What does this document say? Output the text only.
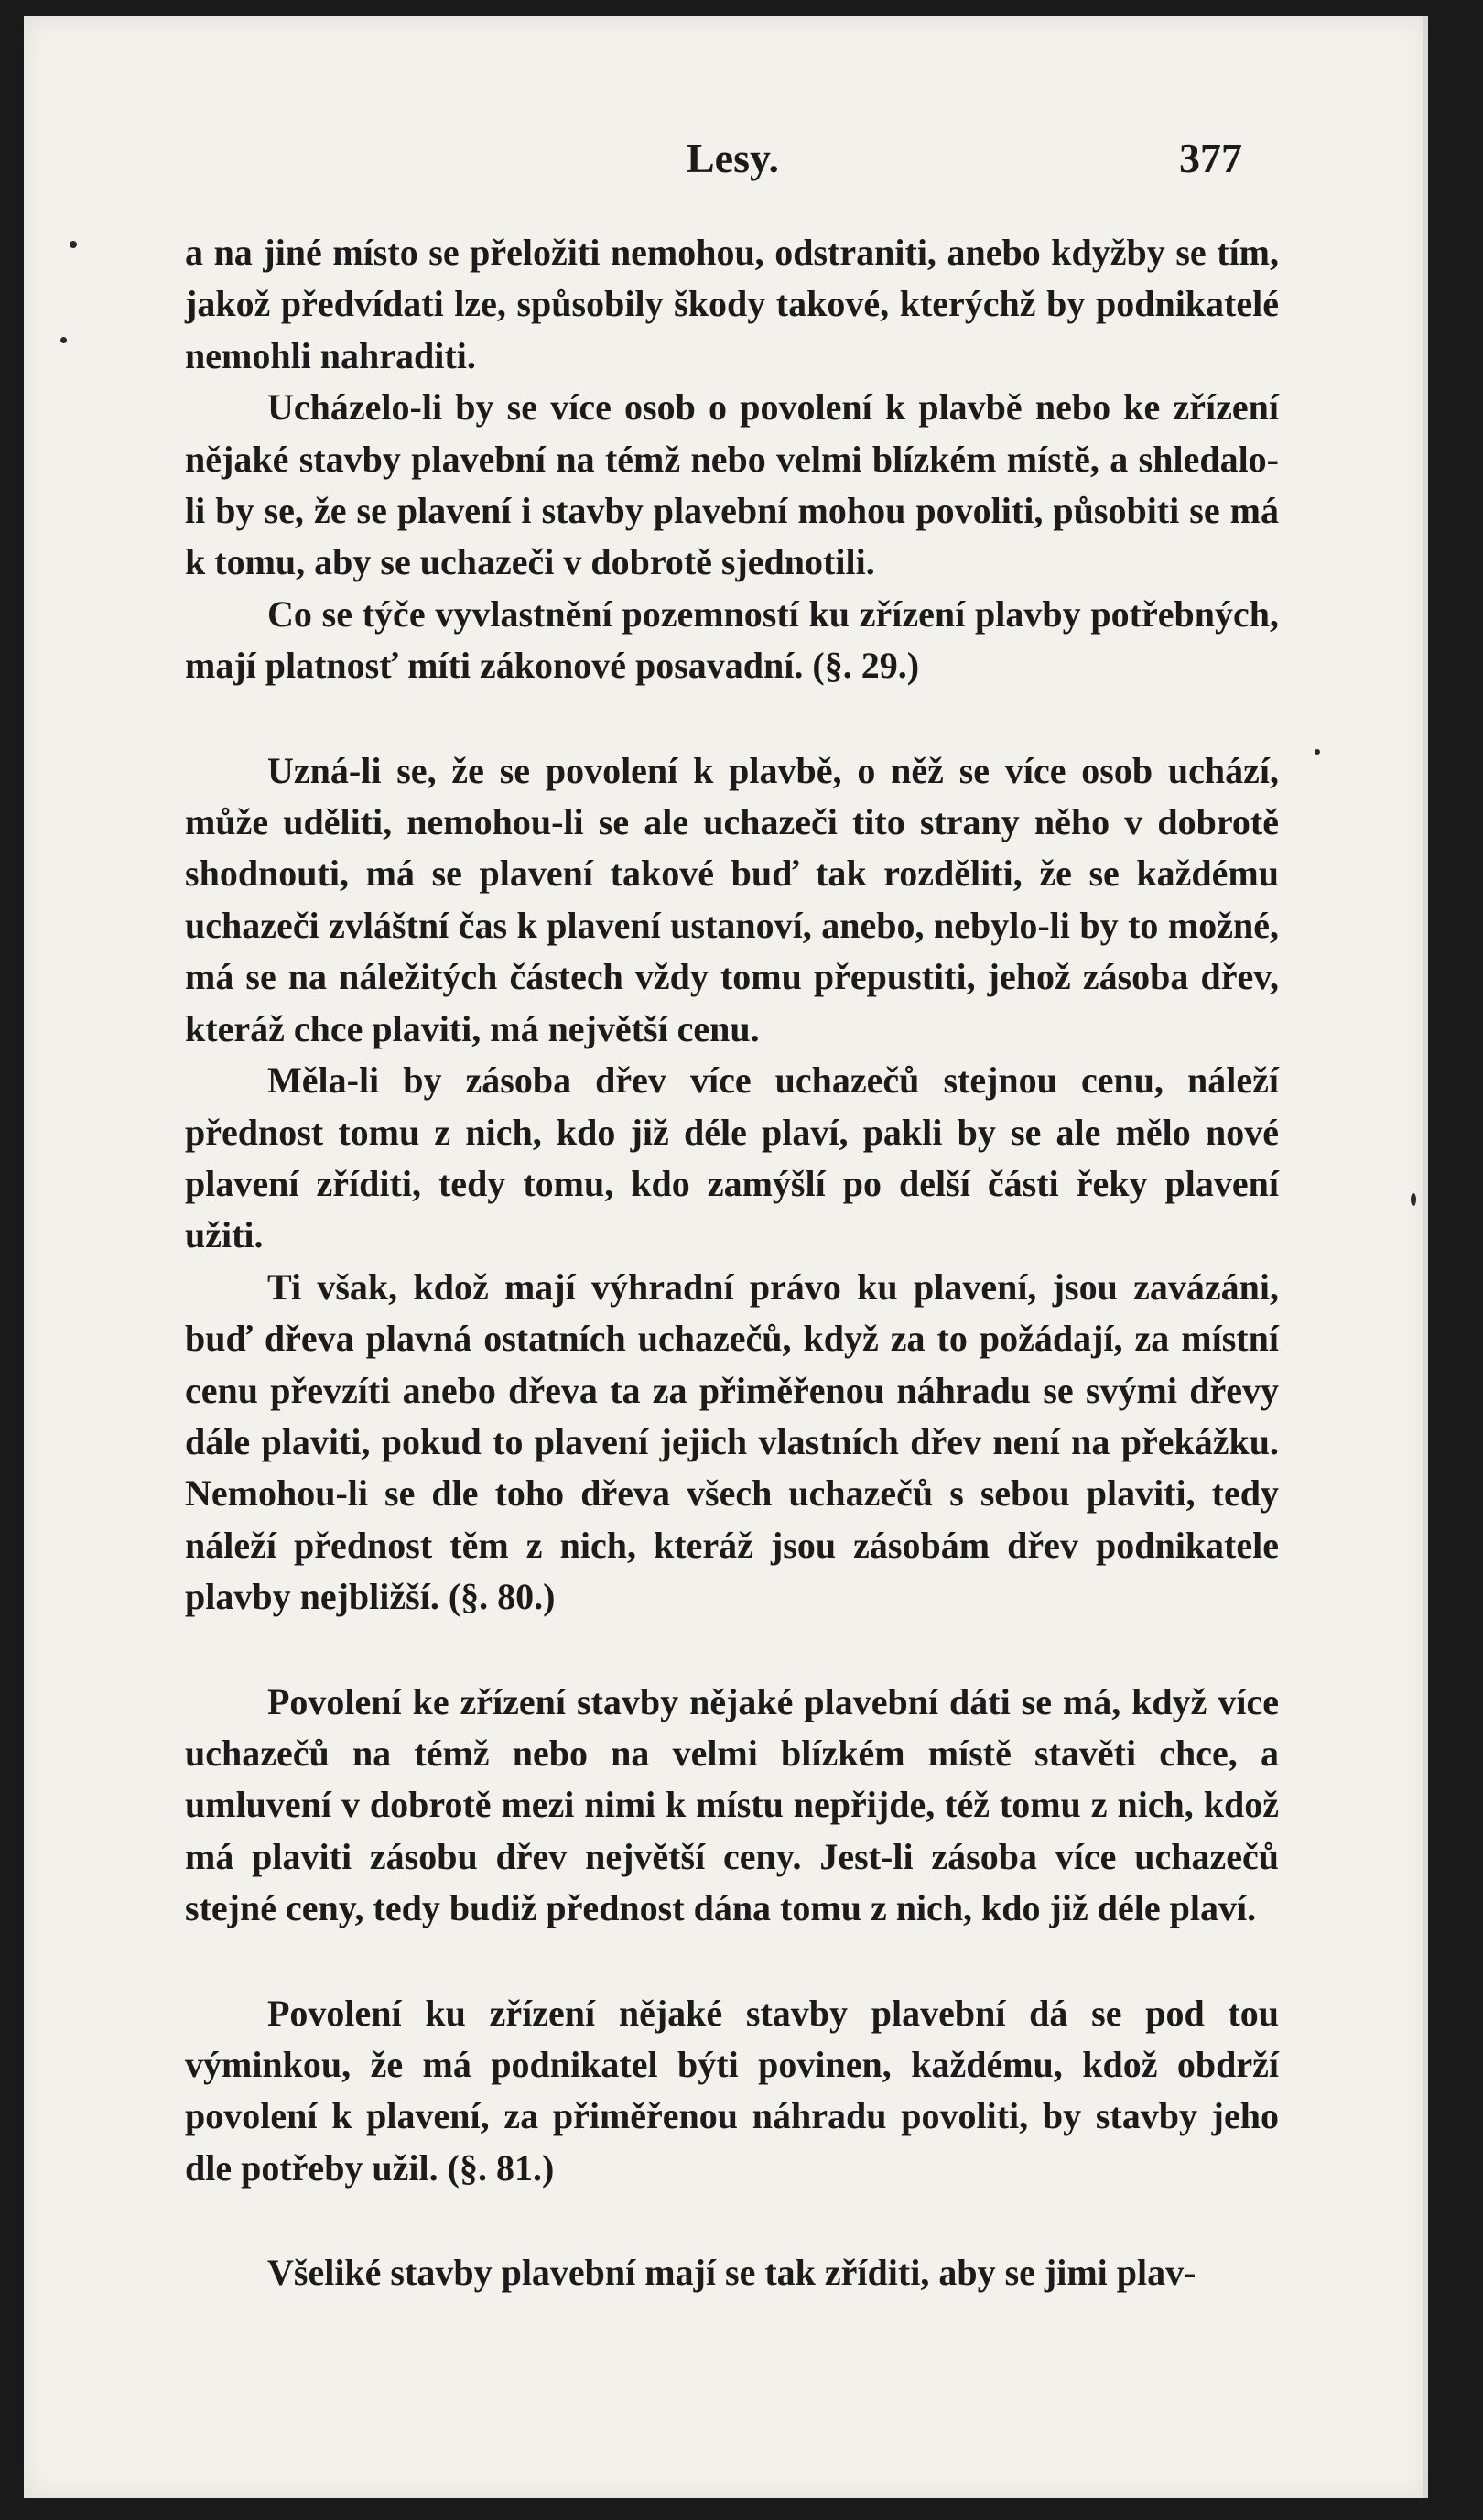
Lesy.	377

a na jiné místo se přeložiti nemohou, odstraniti, anebo kdyžby se tím, jakož předvídati lze, spůsobily škody takové, kterýchž by podnikatelé nemohli nahraditi.

Ucházelo-li by se více osob o povolení k plavbě nebo ke zřízení nějaké stavby plavební na témž nebo velmi blízkém místě, a shledalo-li by se, že se plavení i stavby plavební mohou povoliti, působiti se má k tomu, aby se uchazeči v dobrotě sjednotili.

Co se týče vyvlastnění pozemností ku zřízení plavby potřebných, mají platnosť míti zákonové posavadní. (§. 29.)

Uzná-li se, že se povolení k plavbě, o něž se více osob uchází, může uděliti, nemohou-li se ale uchazeči tito strany něho v dobrotě shodnouti, má se plavení takové buď tak rozděliti, že se každému uchazeči zvláštní čas k plavení ustanoví, anebo, nebylo-li by to možné, má se na náležitých částech vždy tomu přepustiti, jehož zásoba dřev, kteráž chce plaviti, má největší cenu.

Měla-li by zásoba dřev více uchazečů stejnou cenu, náleží přednost tomu z nich, kdo již déle plaví, pakli by se ale mělo nové plavení zříditi, tedy tomu, kdo zamýšlí po delší části řeky plavení užiti.

Ti však, kdož mají výhradní právo ku plavení, jsou zavázáni, buď dřeva plavná ostatních uchazečů, když za to požádají, za místní cenu převzíti anebo dřeva ta za přiměřenou náhradu se svými dřevy dále plaviti, pokud to plavení jejich vlastních dřev není na překážku. Nemohou-li se dle toho dřeva všech uchazečů s sebou plaviti, tedy náleží přednost těm z nich, kteráž jsou zásobám dřev podnikatele plavby nejbližší. (§. 80.)

Povolení ke zřízení stavby nějaké plavební dáti se má, když více uchazečů na témž nebo na velmi blízkém místě stavěti chce, a umluvení v dobrotě mezi nimi k místu nepřijde, též tomu z nich, kdož má plaviti zásobu dřev největší ceny. Jest-li zásoba více uchazečů stejné ceny, tedy budiž přednost dána tomu z nich, kdo již déle plaví.

Povolení ku zřízení nějaké stavby plavební dá se pod tou výminkou, že má podnikatel býti povinen, každému, kdož obdrží povolení k plavení, za přiměřenou náhradu povoliti, by stavby jeho dle potřeby užil. (§. 81.)

Všeliké stavby plavební mají se tak zříditi, aby se jimi plav-
